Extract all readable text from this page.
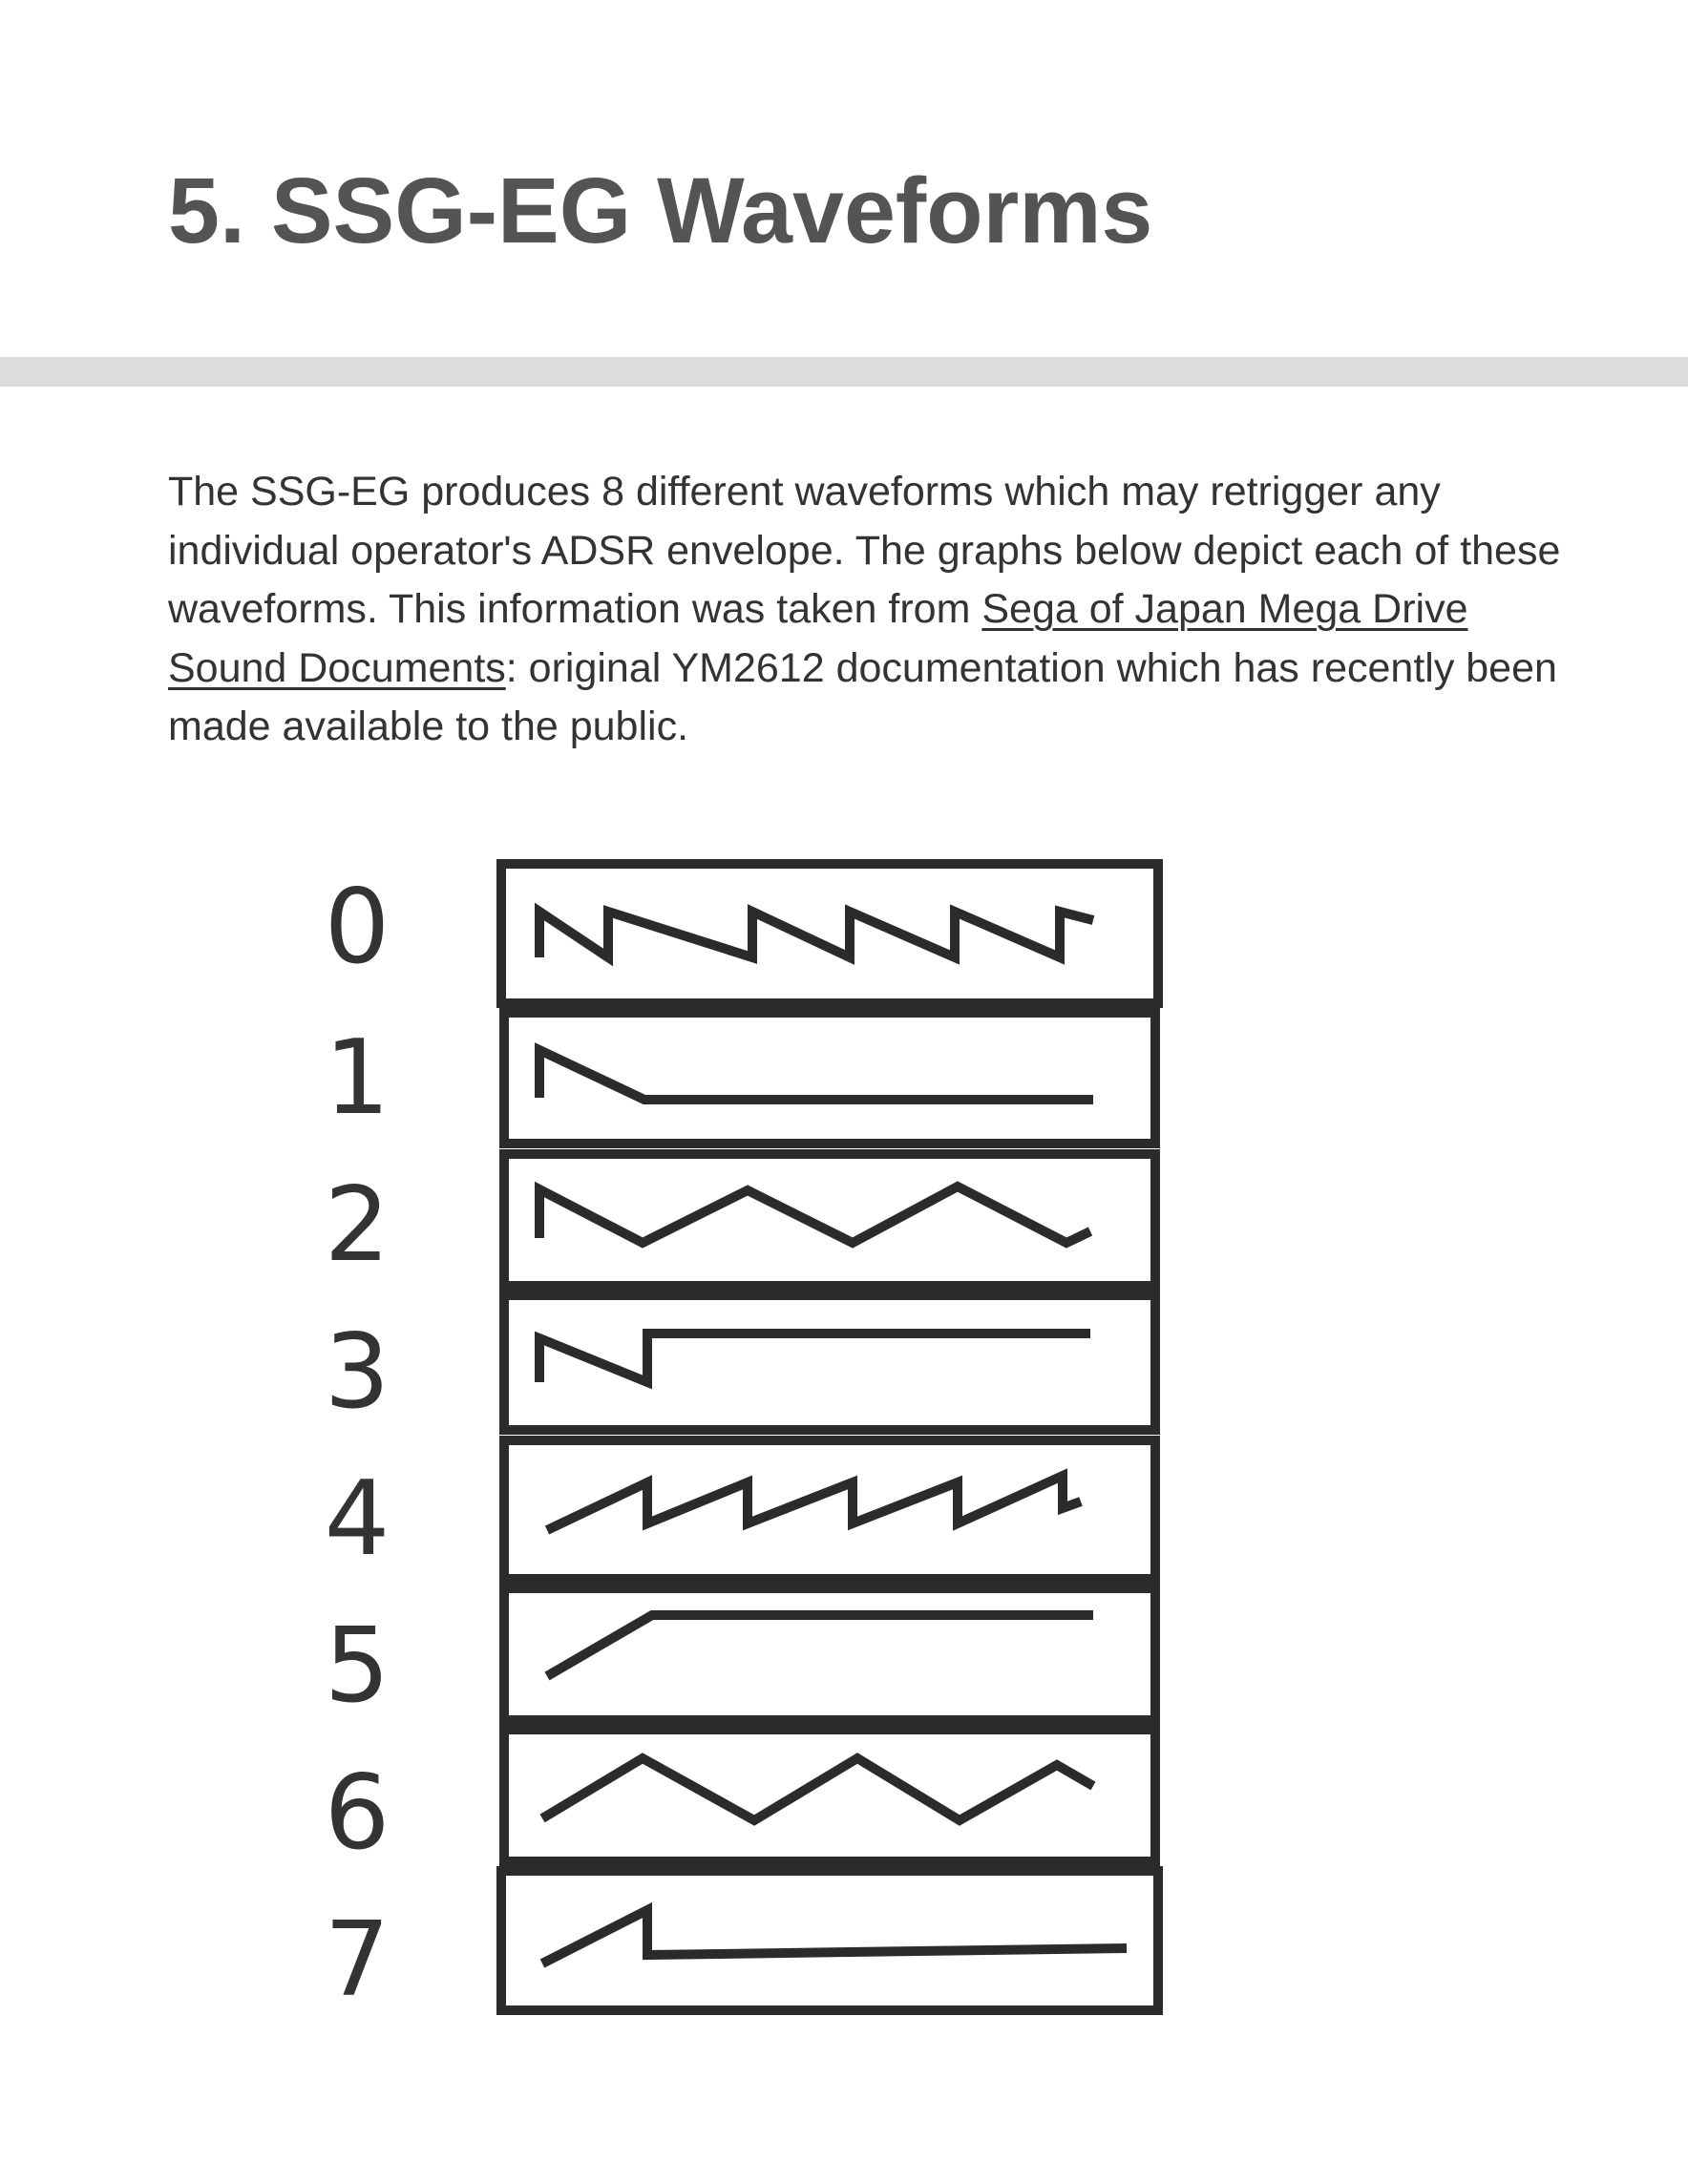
5. SSG-EG Waveforms

The SSG-EG produces 8 different waveforms which may retrigger any individual operator's ADSR envelope. The graphs below depict each of these waveforms. This information was taken from Sega of Japan Mega Drive Sound Documents: original YM2612 documentation which has recently been made available to the public.

0
1
2
3
4
5
6
7
